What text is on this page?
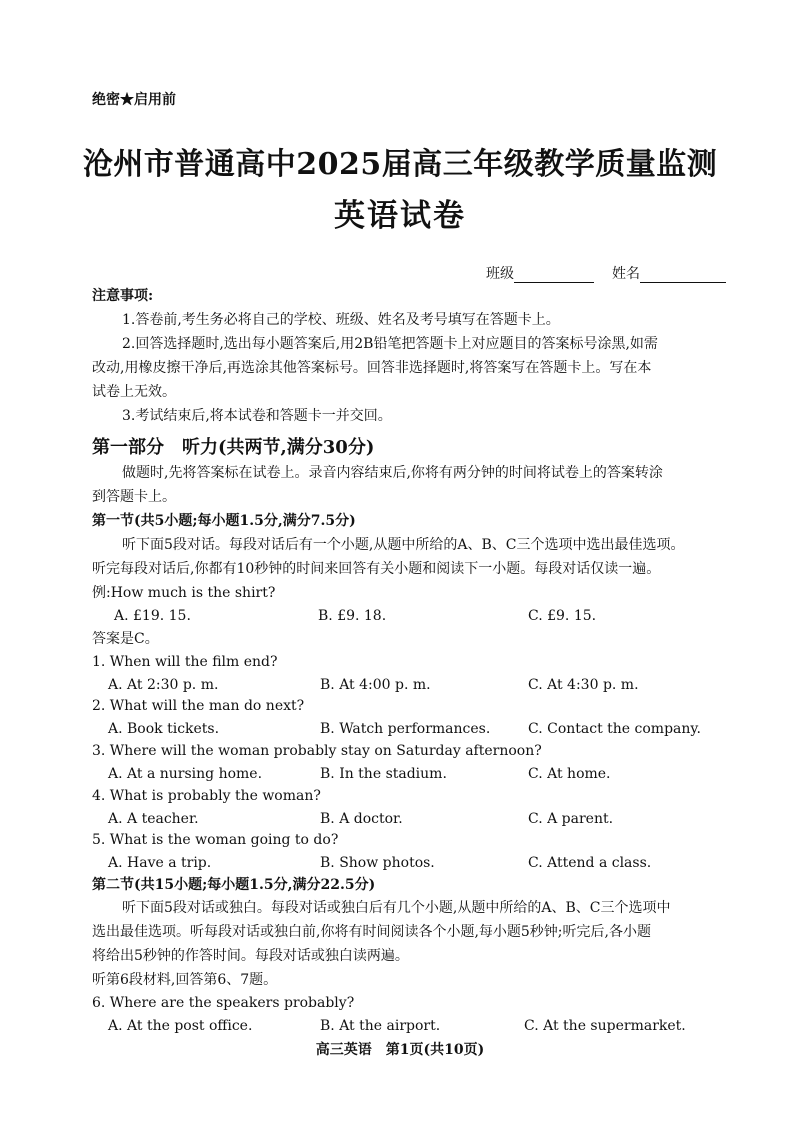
绝密★启用前
沧州市普通高中2025届高三年级教学质量监测
英语试卷
班级	姓名
注意事项:
1.答卷前,考生务必将自己的学校、班级、姓名及考号填写在答题卡上。
2.回答选择题时,选出每小题答案后,用2B铅笔把答题卡上对应题目的答案标号涂黑,如需
改动,用橡皮擦干净后,再选涂其他答案标号。回答非选择题时,将答案写在答题卡上。写在本
试卷上无效。
3.考试结束后,将本试卷和答题卡一并交回。
第一部分　听力(共两节,满分30分)
做题时,先将答案标在试卷上。录音内容结束后,你将有两分钟的时间将试卷上的答案转涂
到答题卡上。
第一节(共5小题;每小题1.5分,满分7.5分)
听下面5段对话。每段对话后有一个小题,从题中所给的A、B、C三个选项中选出最佳选项。
听完每段对话后,你都有10秒钟的时间来回答有关小题和阅读下一小题。每段对话仅读一遍。
例:How much is the shirt?
A. £19. 15.	B. £9. 18.	C. £9. 15.
答案是C。
1. When will the film end?
A. At 2:30 p. m.	B. At 4:00 p. m.	C. At 4:30 p. m.
2. What will the man do next?
A. Book tickets.	B. Watch performances.	C. Contact the company.
3. Where will the woman probably stay on Saturday afternoon?
A. At a nursing home.	B. In the stadium.	C. At home.
4. What is probably the woman?
A. A teacher.	B. A doctor.	C. A parent.
5. What is the woman going to do?
A. Have a trip.	B. Show photos.	C. Attend a class.
第二节(共15小题;每小题1.5分,满分22.5分)
听下面5段对话或独白。每段对话或独白后有几个小题,从题中所给的A、B、C三个选项中
选出最佳选项。听每段对话或独白前,你将有时间阅读各个小题,每小题5秒钟;听完后,各小题
将给出5秒钟的作答时间。每段对话或独白读两遍。
听第6段材料,回答第6、7题。
6. Where are the speakers probably?
A. At the post office.	B. At the airport.	C. At the supermarket.
高三英语　第1页(共10页)
